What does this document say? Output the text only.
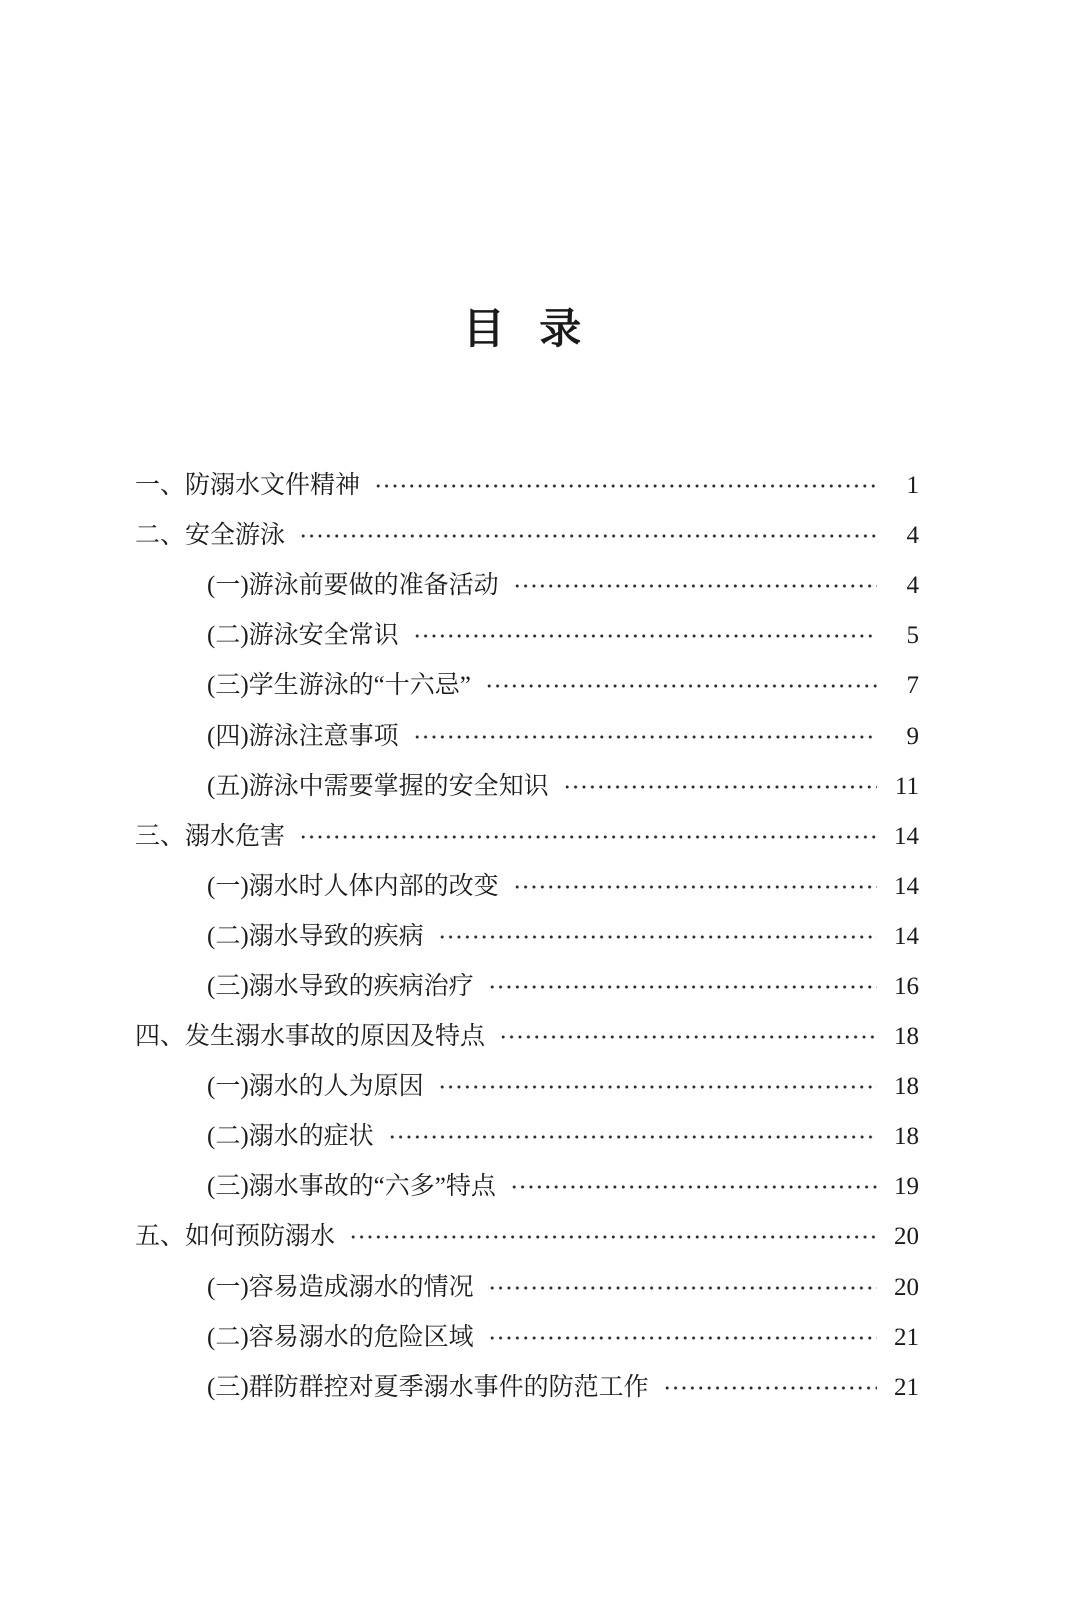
目 录
一、防溺水文件精神	1
二、安全游泳	4
(一)游泳前要做的准备活动	4
(二)游泳安全常识	5
(三)学生游泳的“十六忌”	7
(四)游泳注意事项	9
(五)游泳中需要掌握的安全知识	11
三、溺水危害	14
(一)溺水时人体内部的改变	14
(二)溺水导致的疾病	14
(三)溺水导致的疾病治疗	16
四、发生溺水事故的原因及特点	18
(一)溺水的人为原因	18
(二)溺水的症状	18
(三)溺水事故的“六多”特点	19
五、如何预防溺水	20
(一)容易造成溺水的情况	20
(二)容易溺水的危险区域	21
(三)群防群控对夏季溺水事件的防范工作	21
